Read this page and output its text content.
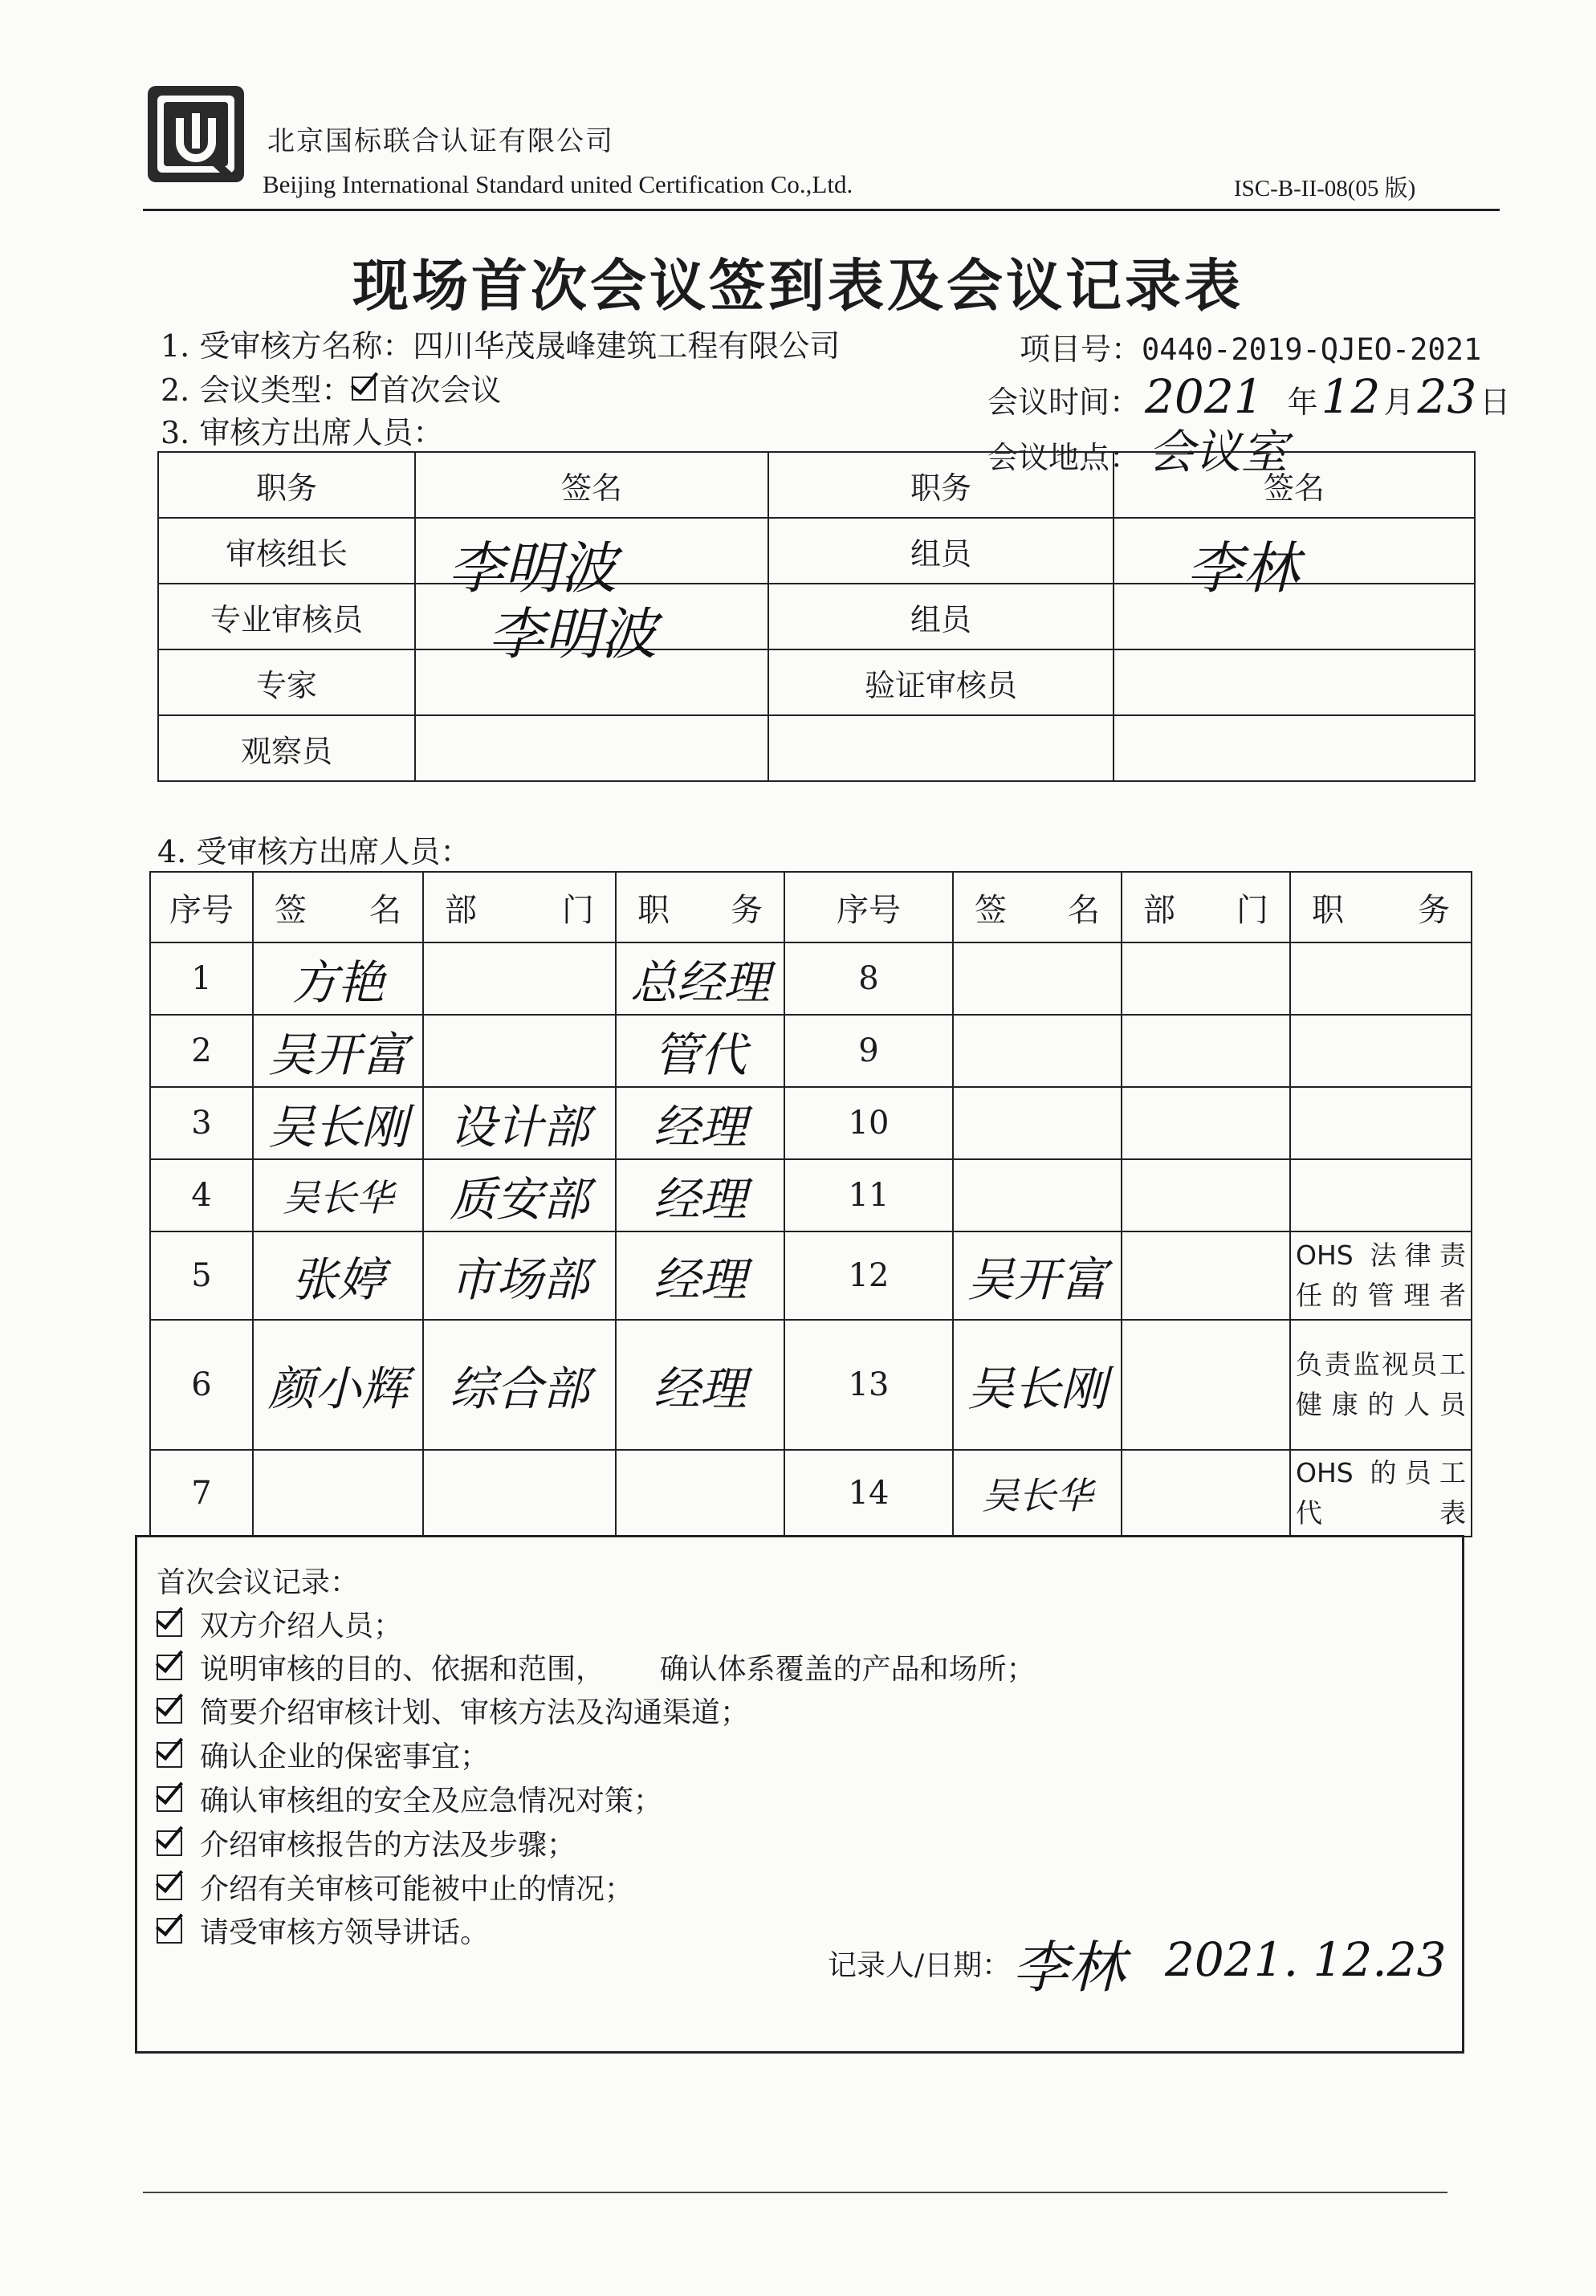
北京国标联合认证有限公司
Beijing International Standard united Certification Co.,Ltd.	ISC-B-II-08(05 版)
现场首次会议签到表及会议记录表
1. 受审核方名称：四川华茂晟峰建筑工程有限公司	项目号：0440-2019-QJEO-2021
2. 会议类型： 首次会议	会议时间： 2021 年12 月23 日
3. 审核方出席人员：
会议地点： 会议室
职务	签名	职务	签名
审核组长	李明波	组员	李林

专业审核员	李明波	组员	
专家		验证审核员	
观察员			
4. 受审核方出席人员：
序号	签 名	部 门	职 务	序号	签 名	部 门	职 务

1	方艳		总经理	8			
2	吴开富		管代	9			
3	吴长刚	设计部	经理	10			
4	吴长华	质安部	经理	11			
5	张婷	市场部	经理	12	吴开富		OHS 法律责任的管理者

6	颜小辉	综合部	经理	13	吴长刚		负责监视员工健康的人员

7				14	吴长华		OHS 的员工代表
首次会议记录：
双方介绍人员；
说明审核的目的、依据和范围，      确认体系覆盖的产品和场所；
简要介绍审核计划、审核方法及沟通渠道；
确认企业的保密事宜；
确认审核组的安全及应急情况对策；
介绍审核报告的方法及步骤；
介绍有关审核可能被中止的情况；
请受审核方领导讲话。
记录人/日期： 李林 2021. 12.23
